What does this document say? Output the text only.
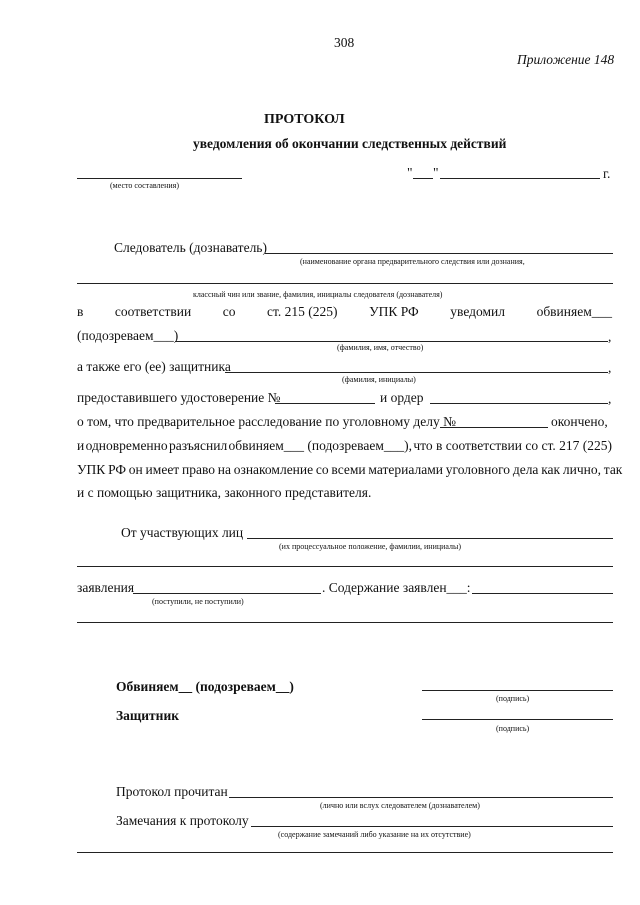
308
Приложение 148
ПРОТОКОЛ
уведомления об окончании следственных действий
(место составления)
" "	г.
Следователь (дознаватель)
(наименование органа предварительного следствия или дознания,
классный чин или звание, фамилия, инициалы следователя (дознавателя)
в соответствии со ст. 215 (225) УПК РФ уведомил обвиняем___
(подозреваем___)	,
(фамилия, имя, отчество)
а также его (ее) защитника	,
(фамилия, инициалы)
предоставившего удостоверение №	и ордер	,
о том, что предварительное расследование по уголовному делу №	окончено,
и одновременно разъяснил обвиняем___ (подозреваем___), что в соответствии со ст. 217 (225)
УПК РФ он имеет право на ознакомление со всеми материалами уголовного дела как лично, так
и с помощью защитника, законного представителя.
От участвующих лиц
(их процессуальное положение, фамилии, инициалы)
заявления
(поступили, не поступили)
. Содержание заявлен___:
Обвиняем__ (подозреваем__)
(подпись)
Защитник
(подпись)
Протокол прочитан
(лично или вслух следователем (дознавателем)
Замечания к протоколу
(содержание замечаний либо указание на их отсутствие)
